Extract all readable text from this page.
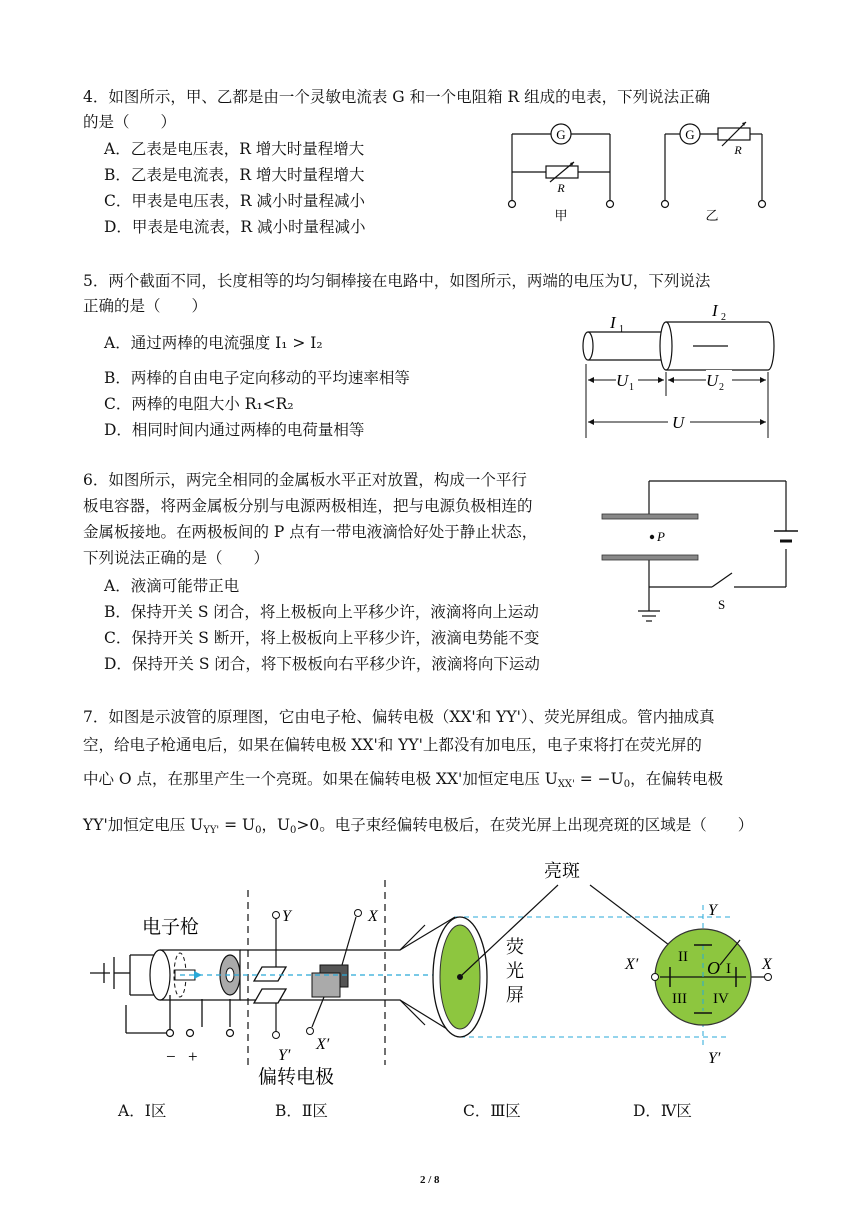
4．如图所示，甲、乙都是由一个灵敏电流表 G 和一个电阻箱 R 组成的电表，下列说法正确
的是（　　）
A．乙表是电压表，R 增大时量程增大
B．乙表是电流表，R 增大时量程增大
C．甲表是电压表，R 减小时量程减小
D．甲表是电流表，R 减小时量程减小
G
R
甲
G
R
乙
5．两个截面不同，长度相等的均匀铜棒接在电路中，如图所示，两端的电压为U，下列说法
正确的是（　　）
A．通过两棒的电流强度 I₁ > I₂
B．两棒的自由电子定向移动的平均速率相等
C．两棒的电阻大小 R₁<R₂
D．相同时间内通过两棒的电荷量相等
I 1
I 2
U 1	U 2
U
6．如图所示，两完全相同的金属板水平正对放置，构成一个平行
板电容器，将两金属板分别与电源两极相连，把与电源负极相连的
金属板接地。在两极板间的 P 点有一带电液滴恰好处于静止状态，
下列说法正确的是（　　）
A．液滴可能带正电
B．保持开关 S 闭合，将上极板向上平移少许，液滴将向上运动
C．保持开关 S 断开，将上极板向上平移少许，液滴电势能不变
D．保持开关 S 闭合，将下极板向右平移少许，液滴将向下运动
P
S
7．如图是示波管的原理图，它由电子枪、偏转电极（XX'和 YY'）、荧光屏组成。管内抽成真
空，给电子枪通电后，如果在偏转电极 XX'和 YY'上都没有加电压，电子束将打在荧光屏的
中心 O 点，在那里产生一个亮斑。如果在偏转电极 XX'加恒定电压 $U_{XX'} = -U_0$，在偏转电极
YY'加恒定电压 $U_{YY'} = U_0$，$U_0>0$。电子束经偏转电极后，在荧光屏上出现亮斑的区域是（　　）
− +
Y
Y′
X
X′
荧
光
屏
亮斑
Y
Y′
X′	X
O I
II
III IV
电子枪
偏转电极
A．Ⅰ区	B．Ⅱ区	C．Ⅲ区	D．Ⅳ区
2 / 8
